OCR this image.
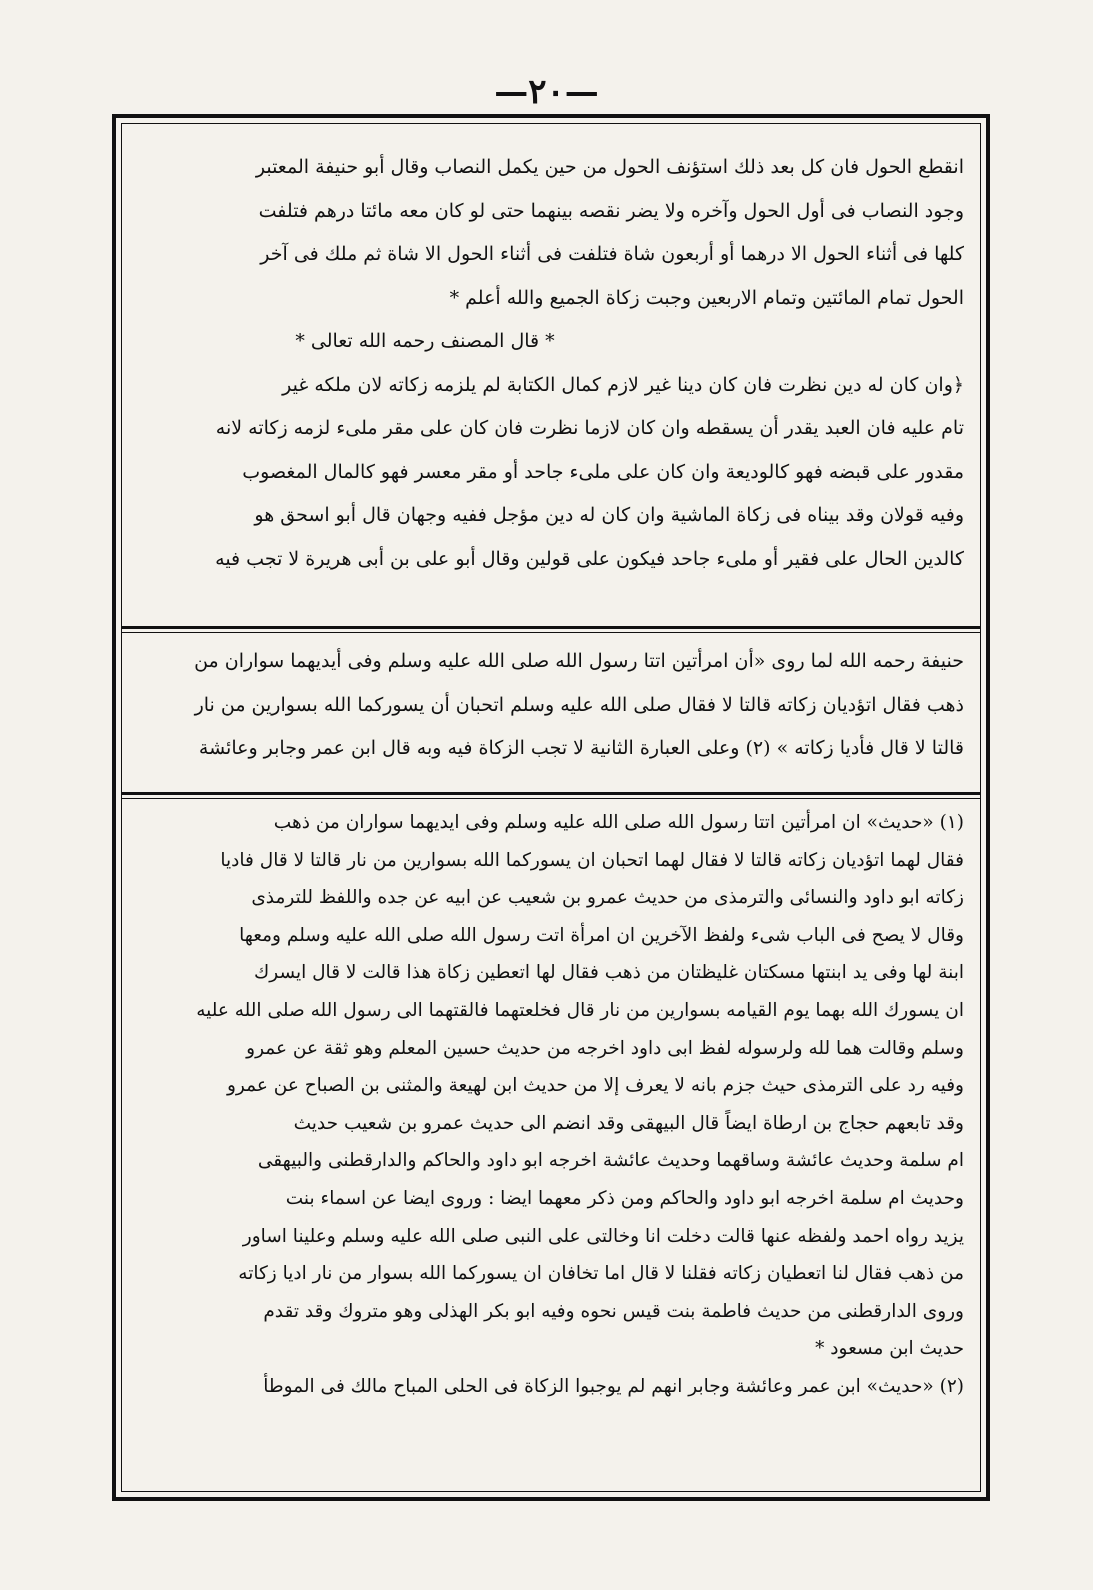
—٢٠—

انقطع الحول فان كل بعد ذلك استؤنف الحول من حين يكمل النصاب وقال أبو حنيفة المعتبر

وجود النصاب فى أول الحول وآخره ولا يضر نقصه بينهما حتى لو كان معه مائتا درهم فتلفت

كلها فى أثناء الحول الا درهما أو أربعون شاة فتلفت فى أثناء الحول الا شاة ثم ملك فى آخر

الحول تمام المائتين وتمام الاربعين وجبت زكاة الجميع والله أعلم *

* قال المصنف رحمه الله تعالى *

﴿وان كان له دين نظرت فان كان دينا غير لازم كمال الكتابة لم يلزمه زكاته لان ملكه غير

تام عليه فان العبد يقدر أن يسقطه وان كان لازما نظرت فان كان على مقر ملىء لزمه زكاته لانه

مقدور على قبضه فهو كالوديعة وان كان على ملىء جاحد أو مقر معسر فهو كالمال المغصوب

وفيه قولان وقد بيناه فى زكاة الماشية وان كان له دين مؤجل ففيه وجهان قال أبو اسحق هو

كالدين الحال على فقير أو ملىء جاحد فيكون على قولين وقال أبو على بن أبى هريرة لا تجب فيه

حنيفة رحمه الله لما روى «أن امرأتين اتتا رسول الله صلى الله عليه وسلم وفى أيديهما سواران من

ذهب فقال اتؤديان زكاته قالتا لا فقال صلى الله عليه وسلم اتحبان أن يسوركما الله بسوارين من نار

قالتا لا قال فأديا زكاته » (٢) وعلى العبارة الثانية لا تجب الزكاة فيه وبه قال ابن عمر وجابر وعائشة

(١) «حديث» ان امرأتين اتتا رسول الله صلى الله عليه وسلم وفى ايديهما سواران من ذهب

فقال لهما اتؤديان زكاته قالتا لا فقال لهما اتحبان ان يسوركما الله بسوارين من نار قالتا لا قال فاديا

زكاته ابو داود والنسائى والترمذى من حديث عمرو بن شعيب عن ابيه عن جده واللفظ للترمذى

وقال لا يصح فى الباب شىء ولفظ الآخرين ان امرأة اتت رسول الله صلى الله عليه وسلم ومعها

ابنة لها وفى يد ابنتها مسكتان غليظتان من ذهب فقال لها اتعطين زكاة هذا قالت لا قال ايسرك

ان يسورك الله بهما يوم القيامه بسوارين من نار قال فخلعتهما فالقتهما الى رسول الله صلى الله عليه

وسلم وقالت هما لله ولرسوله لفظ ابى داود اخرجه من حديث حسين المعلم وهو ثقة عن عمرو

وفيه رد على الترمذى حيث جزم بانه لا يعرف إلا من حديث ابن لهيعة والمثنى بن الصباح عن عمرو

وقد تابعهم حجاج بن ارطاة ايضاً قال البيهقى وقد انضم الى حديث عمرو بن شعيب حديث

ام سلمة وحديث عائشة وساقهما وحديث عائشة اخرجه ابو داود والحاكم والدارقطنى والبيهقى

وحديث ام سلمة اخرجه ابو داود والحاكم ومن ذكر معهما ايضا : وروى ايضا عن اسماء بنت

يزيد رواه احمد ولفظه عنها قالت دخلت انا وخالتى على النبى صلى الله عليه وسلم وعلينا اساور

من ذهب فقال لنا اتعطيان زكاته فقلنا لا قال اما تخافان ان يسوركما الله بسوار من نار اديا زكاته

وروى الدارقطنى من حديث فاطمة بنت قيس نحوه وفيه ابو بكر الهذلى وهو متروك وقد تقدم

حديث ابن مسعود *

(٢) «حديث» ابن عمر وعائشة وجابر انهم لم يوجبوا الزكاة فى الحلى المباح مالك فى الموطأ
